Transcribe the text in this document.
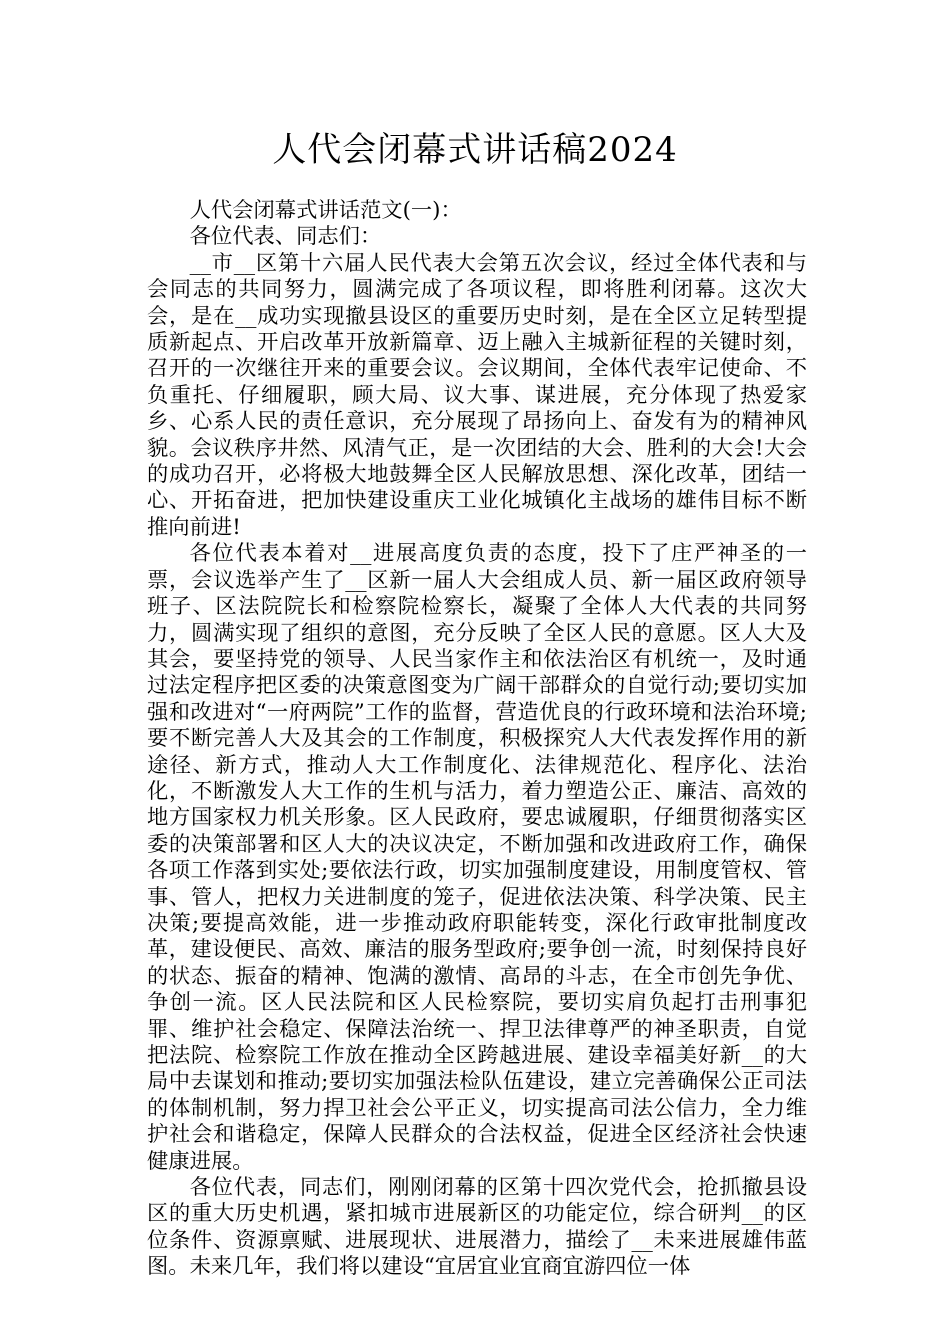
人代会闭幕式讲话稿2024

人代会闭幕式讲话范文(一)：

各位代表、同志们：

__市__区第十六届人民代表大会第五次会议，经过全体代表和与会同志的共同努力，圆满完成了各项议程，即将胜利闭幕。这次大会，是在__成功实现撤县设区的重要历史时刻，是在全区立足转型提质新起点、开启改革开放新篇章、迈上融入主城新征程的关键时刻，召开的一次继往开来的重要会议。会议期间，全体代表牢记使命、不负重托、仔细履职，顾大局、议大事、谋进展，充分体现了热爱家乡、心系人民的责任意识，充分展现了昂扬向上、奋发有为的精神风貌。会议秩序井然、风清气正，是一次团结的大会、胜利的大会!大会的成功召开，必将极大地鼓舞全区人民解放思想、深化改革，团结一心、开拓奋进，把加快建设重庆工业化城镇化主战场的雄伟目标不断推向前进!

各位代表本着对__进展高度负责的态度，投下了庄严神圣的一票，会议选举产生了__区新一届人大会组成人员、新一届区政府领导班子、区法院院长和检察院检察长，凝聚了全体人大代表的共同努力，圆满实现了组织的意图，充分反映了全区人民的意愿。区人大及其会，要坚持党的领导、人民当家作主和依法治区有机统一，及时通过法定程序把区委的决策意图变为广阔干部群众的自觉行动;要切实加强和改进对“一府两院”工作的监督，营造优良的行政环境和法治环境;要不断完善人大及其会的工作制度，积极探究人大代表发挥作用的新途径、新方式，推动人大工作制度化、法律规范化、程序化、法治化，不断激发人大工作的生机与活力，着力塑造公正、廉洁、高效的地方国家权力机关形象。区人民政府，要忠诚履职，仔细贯彻落实区委的决策部署和区人大的决议决定，不断加强和改进政府工作，确保各项工作落到实处;要依法行政，切实加强制度建设，用制度管权、管事、管人，把权力关进制度的笼子，促进依法决策、科学决策、民主决策;要提高效能，进一步推动政府职能转变，深化行政审批制度改革，建设便民、高效、廉洁的服务型政府;要争创一流，时刻保持良好的状态、振奋的精神、饱满的激情、高昂的斗志，在全市创先争优、争创一流。区人民法院和区人民检察院，要切实肩负起打击刑事犯罪、维护社会稳定、保障法治统一、捍卫法律尊严的神圣职责，自觉把法院、检察院工作放在推动全区跨越进展、建设幸福美好新__的大局中去谋划和推动;要切实加强法检队伍建设，建立完善确保公正司法的体制机制，努力捍卫社会公平正义，切实提高司法公信力，全力维护社会和谐稳定，保障人民群众的合法权益，促进全区经济社会快速健康进展。

各位代表，同志们，刚刚闭幕的区第十四次党代会，抢抓撤县设区的重大历史机遇，紧扣城市进展新区的功能定位，综合研判__的区位条件、资源禀赋、进展现状、进展潜力，描绘了__未来进展雄伟蓝图。未来几年，我们将以建设“宜居宜业宜商宜游四位一体
